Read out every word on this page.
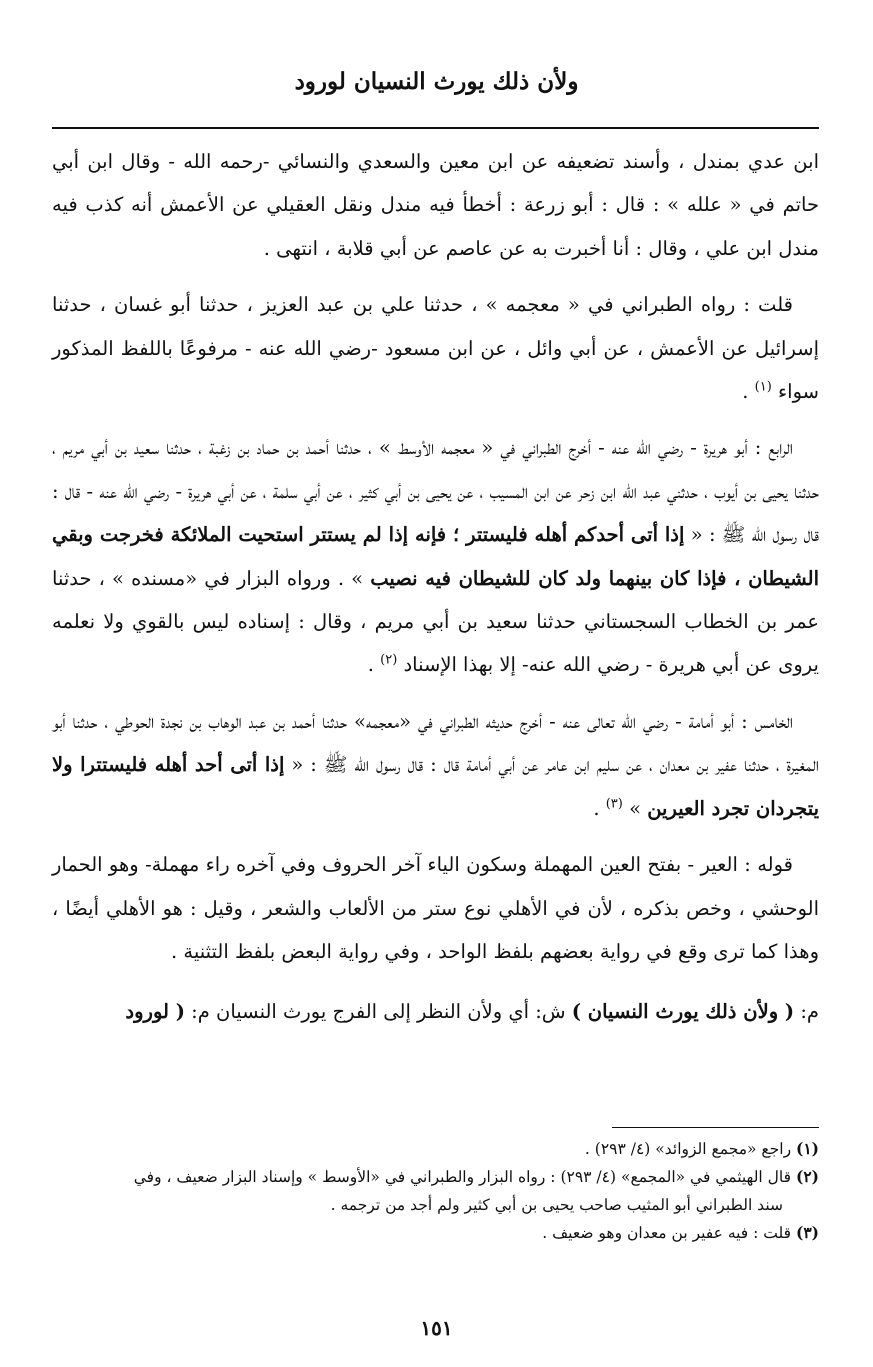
ولأن ذلك يورث النسيان لورود

ابن عدي بمندل ، وأسند تضعيفه عن ابن معين والسعدي والنسائي -رحمه الله - وقال ابن أبي حاتم في « علله » : قال : أبو زرعة : أخطأ فيه مندل ونقل العقيلي عن الأعمش أنه كذب فيه مندل ابن علي ، وقال : أنا أخبرت به عن عاصم عن أبي قلابة ، انتهى .

قلت : رواه الطبراني في « معجمه » ، حدثنا علي بن عبد العزيز ، حدثنا أبو غسان ، حدثنا إسرائيل عن الأعمش ، عن أبي وائل ، عن ابن مسعود -رضي الله عنه - مرفوعًا باللفظ المذكور سواء $^{(١)}$ .

الرابع : أبو هريرة - رضي الله عنه - أخرج الطبراني في « معجمه الأوسط » ، حدثنا أحمد بن حماد بن زغبة ، حدثنا سعيد بن أبي مريم ، حدثنا يحيى بن أيوب ، حدثني عبد الله ابن زحر عن ابن المسيب ، عن يحيى بن أبي كثير ، عن أبي سلمة ، عن أبي هريرة - رضي الله عنه - قال : قال رسول الله ﷺ : « إذا أتى أحدكم أهله فليستتر ؛ فإنه إذا لم يستتر استحيت الملائكة فخرجت وبقي الشيطان ، فإذا كان بينهما ولد كان للشيطان فيه نصيب » . ورواه البزار في «مسنده » ، حدثنا عمر بن الخطاب السجستاني حدثنا سعيد بن أبي مريم ، وقال : إسناده ليس بالقوي ولا نعلمه يروى عن أبي هريرة - رضي الله عنه- إلا بهذا الإسناد $^{(٢)}$ .

الخامس : أبو أمامة - رضي الله تعالى عنه - أخرج حديثه الطبراني في «معجمه» حدثنا أحمد بن عبد الوهاب بن نجدة الحوطي ، حدثنا أبو المغيرة ، حدثنا عفير بن معدان ، عن سليم ابن عامر عن أبي أمامة قال : قال رسول الله ﷺ : « إذا أتى أحد أهله فليستترا ولا يتجردان تجرد العيرين » $^{(٣)}$ .

قوله : العير - بفتح العين المهملة وسكون الياء آخر الحروف وفي آخره راء مهملة- وهو الحمار الوحشي ، وخص بذكره ، لأن في الأهلي نوع ستر من الألعاب والشعر ، وقيل : هو الأهلي أيضًا ، وهذا كما ترى وقع في رواية بعضهم بلفظ الواحد ، وفي رواية البعض بلفظ التثنية .

م: ( ولأن ذلك يورث النسيان ) ش: أي ولأن النظر إلى الفرج يورث النسيان م: ( لورود

(١) راجع «مجمع الزوائد» (٤/ ٢٩٣) .

(٢) قال الهيثمي في «المجمع» (٤/ ٢٩٣) : رواه البزار والطبراني في «الأوسط » وإسناد البزار ضعيف ، وفي
سند الطبراني أبو المثيب صاحب يحيى بن أبي كثير ولم أجد من ترجمه .

(٣) قلت : فيه عفير بن معدان وهو ضعيف .

١٥١
